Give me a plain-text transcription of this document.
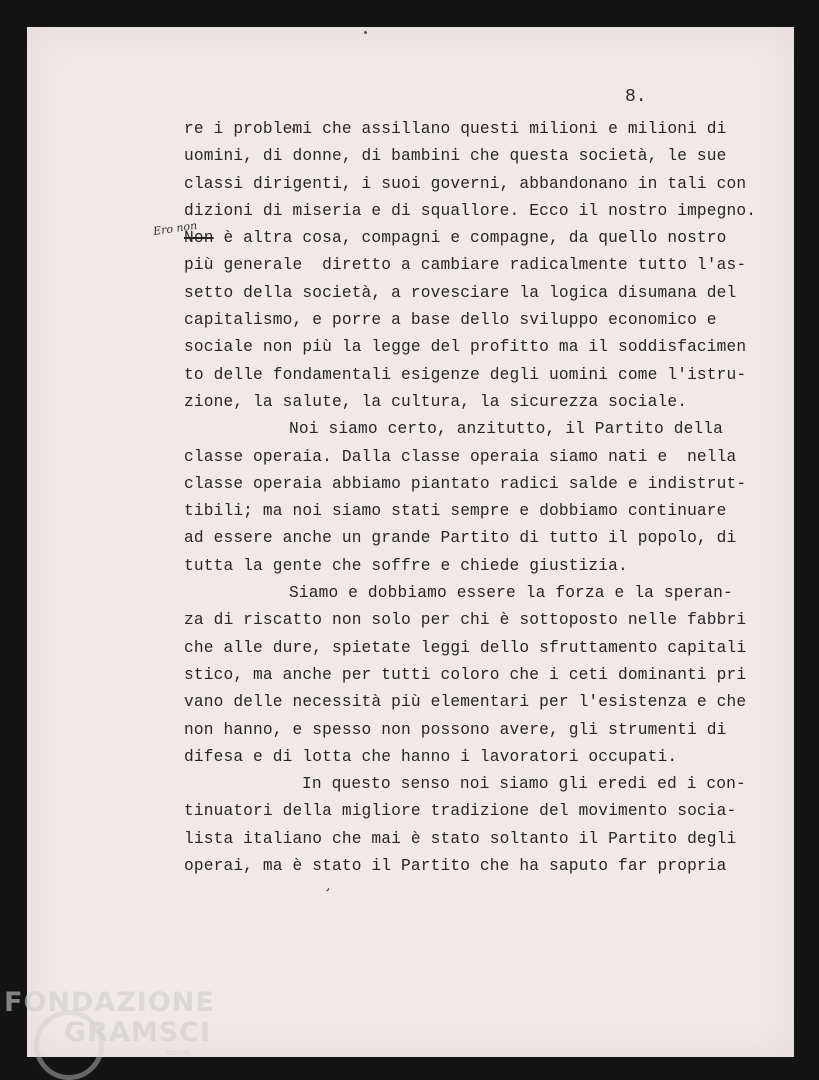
8.
re i problemi che assillano questi milioni e milioni di
uomini, di donne, di bambini che questa società, le sue
classi dirigenti, i suoi governi, abbandonano in tali con
dizioni di miseria e di squallore. Ecco il nostro impegno.
Non è altra cosa, compagni e compagne, da quello nostro
più generale  diretto a cambiare radicalmente tutto l'as-
setto della società, a rovesciare la logica disumana del
capitalismo, e porre a base dello sviluppo economico e
sociale non più la legge del profitto ma il soddisfacimen
to delle fondamentali esigenze degli uomini come l'istru-
zione, la salute, la cultura, la sicurezza sociale.
Noi siamo certo, anzitutto, il Partito della
classe operaia. Dalla classe operaia siamo nati e  nella
classe operaia abbiamo piantato radici salde e indistrut-
tibili; ma noi siamo stati sempre e dobbiamo continuare
ad essere anche un grande Partito di tutto il popolo, di
tutta la gente che soffre e chiede giustizia.
Siamo e dobbiamo essere la forza e la speran-
za di riscatto non solo per chi è sottoposto nelle fabbri
che alle dure, spietate leggi dello sfruttamento capitali
stico, ma anche per tutti coloro che i ceti dominanti pri
vano delle necessità più elementari per l'esistenza e che
non hanno, e spesso non possono avere, gli strumenti di
difesa e di lotta che hanno i lavoratori occupati.
In questo senso noi siamo gli eredi ed i con-
tinuatori della migliore tradizione del movimento socia-
lista italiano che mai è stato soltanto il Partito degli
operai, ma è stato il Partito che ha saputo far propria
Ero non
,
FONDAZIONE
GRAMSCI
onlus
